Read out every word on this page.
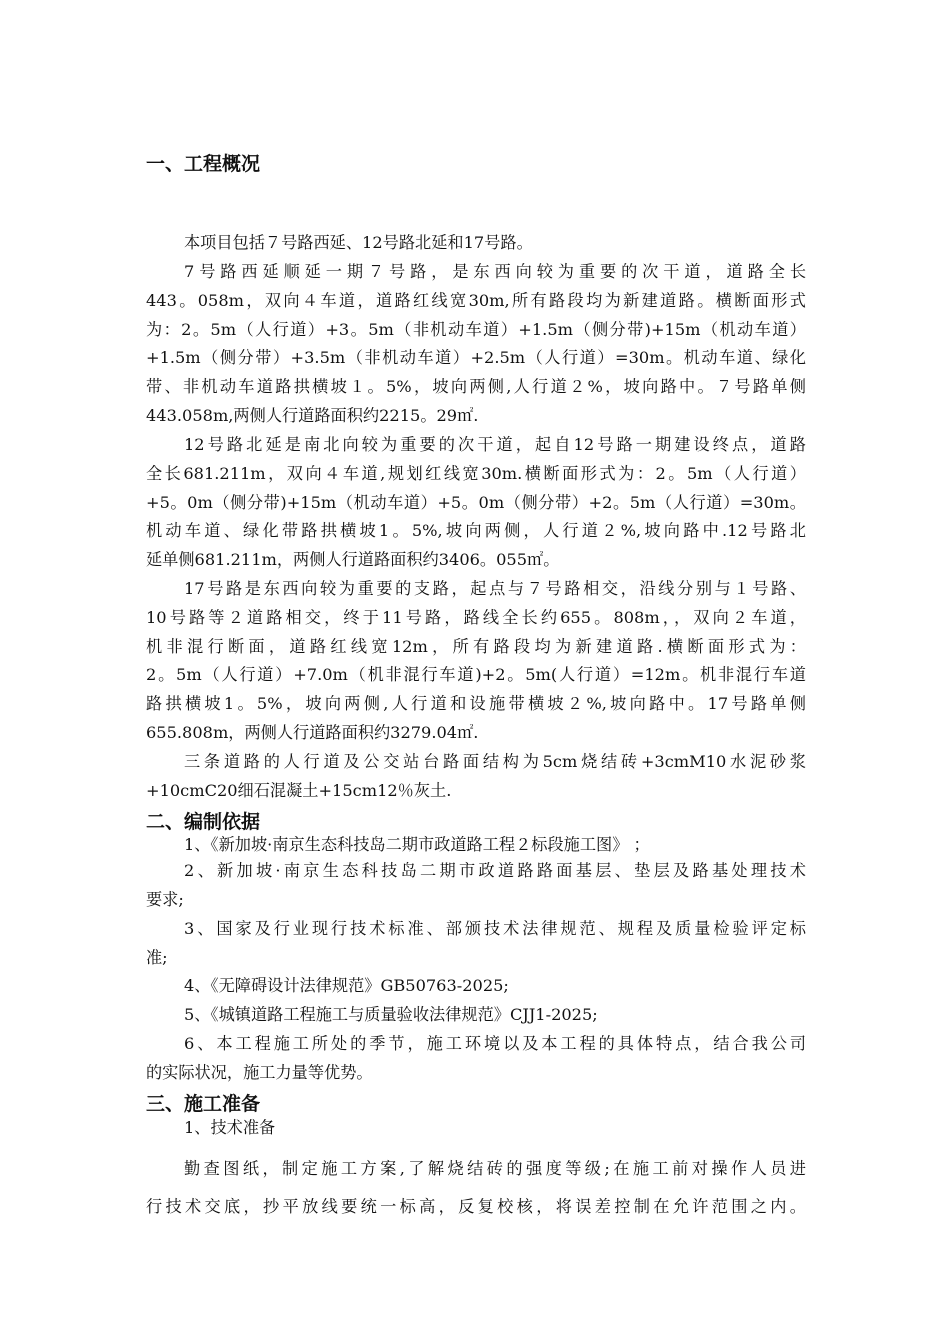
一、工程概况
本项目包括７号路西延、12号路北延和17号路。
7号路西延顺延一期７号路，是东西向较为重要的次干道，道路全长
443。058m，双向４车道，道路红线宽30m,所有路段均为新建道路。横断面形式
为：2。5m（人行道）+3。5m（非机动车道）+1.5m（侧分带)+15m（机动车道）
+1.5m（侧分带）+3.5m（非机动车道）+2.5m（人行道）=30m。机动车道、绿化
带、非机动车道路拱横坡１。5%，坡向两侧,人行道２%，坡向路中。７号路单侧
443.058m,两侧人行道路面积约2215。29㎡.
12号路北延是南北向较为重要的次干道，起自12号路一期建设终点，道路
全长681.211m，双向４车道,规划红线宽30m.横断面形式为：2。5m（人行道）
+5。0m（侧分带)+15m（机动车道）+5。0m（侧分带）+2。5m（人行道）=30m。
机动车道、绿化带路拱横坡1。5%,坡向两侧，人行道２%,坡向路中.12号路北
延单侧681.211m，两侧人行道路面积约3406。055㎡。
17号路是东西向较为重要的支路，起点与７号路相交，沿线分别与１号路、
10号路等２道路相交，终于11号路，路线全长约655。808m，，双向２车道，
机非混行断面，道路红线宽12m，所有路段均为新建道路.横断面形式为：
2。5m（人行道）+7.0m（机非混行车道)+2。5m(人行道）=12m。机非混行车道
路拱横坡1。5%，坡向两侧,人行道和设施带横坡２%,坡向路中。17号路单侧
655.808m，两侧人行道路面积约3279.04㎡.
三条道路的人行道及公交站台路面结构为5cm烧结砖+3cmM10水泥砂浆
+10cmC20细石混凝土+15cm12％灰土.
二、编制依据
1、《新加坡·南京生态科技岛二期市政道路工程２标段施工图》 ；
2、新加坡·南京生态科技岛二期市政道路路面基层、垫层及路基处理技术
要求;
3、国家及行业现行技术标准、部颁技术法律规范、规程及质量检验评定标
准;
4、《无障碍设计法律规范》GB50763-2025;
5、《城镇道路工程施工与质量验收法律规范》CJJ1-2025;
6、本工程施工所处的季节，施工环境以及本工程的具体特点，结合我公司
的实际状况，施工力量等优势。
三、施工准备
1、技术准备
勤查图纸，制定施工方案,了解烧结砖的强度等级;在施工前对操作人员进
行技术交底，抄平放线要统一标高，反复校核，将误差控制在允许范围之内。
